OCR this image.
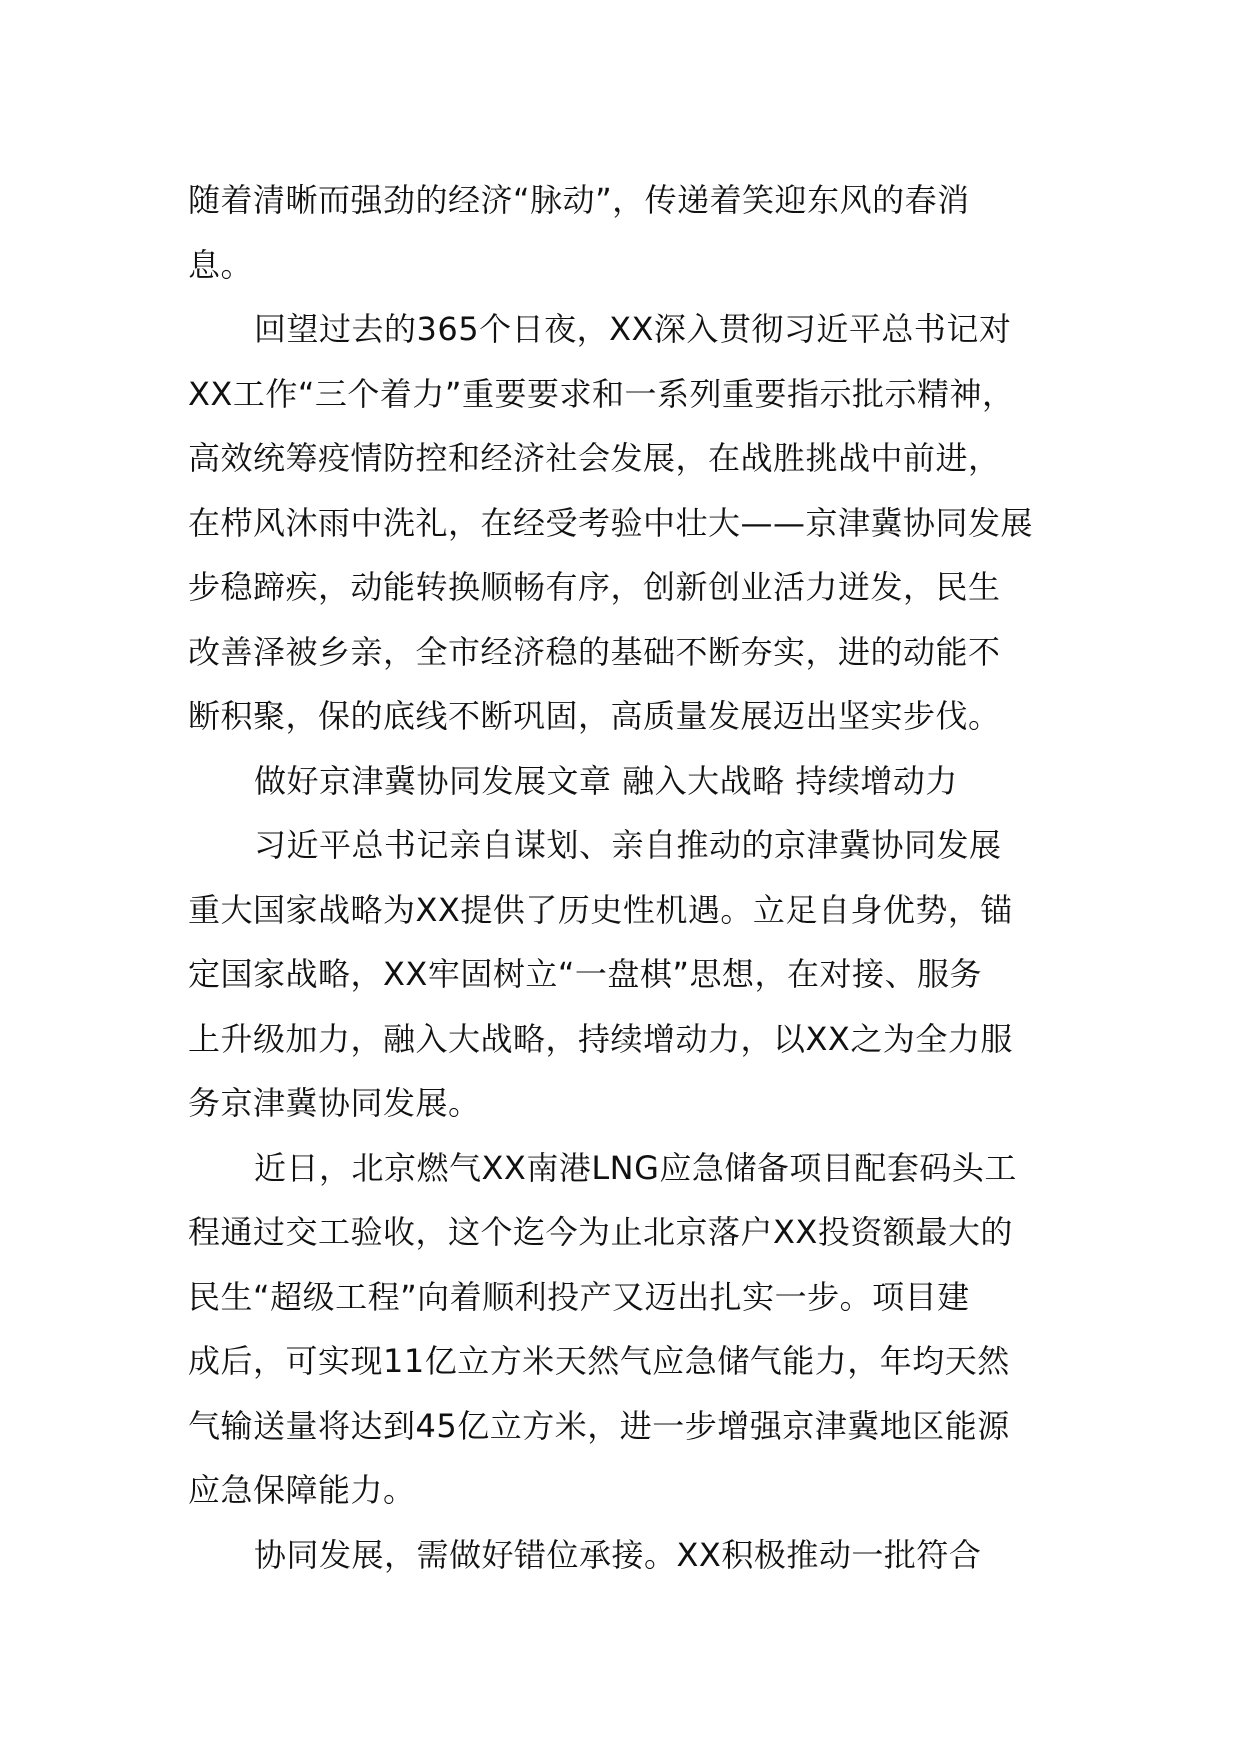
随着清晰而强劲的经济“脉动”，传递着笑迎东风的春消
息。
回望过去的365个日夜，XX深入贯彻习近平总书记对
XX工作“三个着力”重要要求和一系列重要指示批示精神，
高效统筹疫情防控和经济社会发展，在战胜挑战中前进，
在栉风沐雨中洗礼，在经受考验中壮大——京津冀协同发展
步稳蹄疾，动能转换顺畅有序，创新创业活力迸发，民生
改善泽被乡亲，全市经济稳的基础不断夯实，进的动能不
断积聚，保的底线不断巩固，高质量发展迈出坚实步伐。
做好京津冀协同发展文章 融入大战略 持续增动力
习近平总书记亲自谋划、亲自推动的京津冀协同发展
重大国家战略为XX提供了历史性机遇。立足自身优势，锚
定国家战略，XX牢固树立“一盘棋”思想，在对接、服务
上升级加力，融入大战略，持续增动力，以XX之为全力服
务京津冀协同发展。
近日，北京燃气XX南港LNG应急储备项目配套码头工
程通过交工验收，这个迄今为止北京落户XX投资额最大的
民生“超级工程”向着顺利投产又迈出扎实一步。项目建
成后，可实现11亿立方米天然气应急储气能力，年均天然
气输送量将达到45亿立方米，进一步增强京津冀地区能源
应急保障能力。
协同发展，需做好错位承接。XX积极推动一批符合
